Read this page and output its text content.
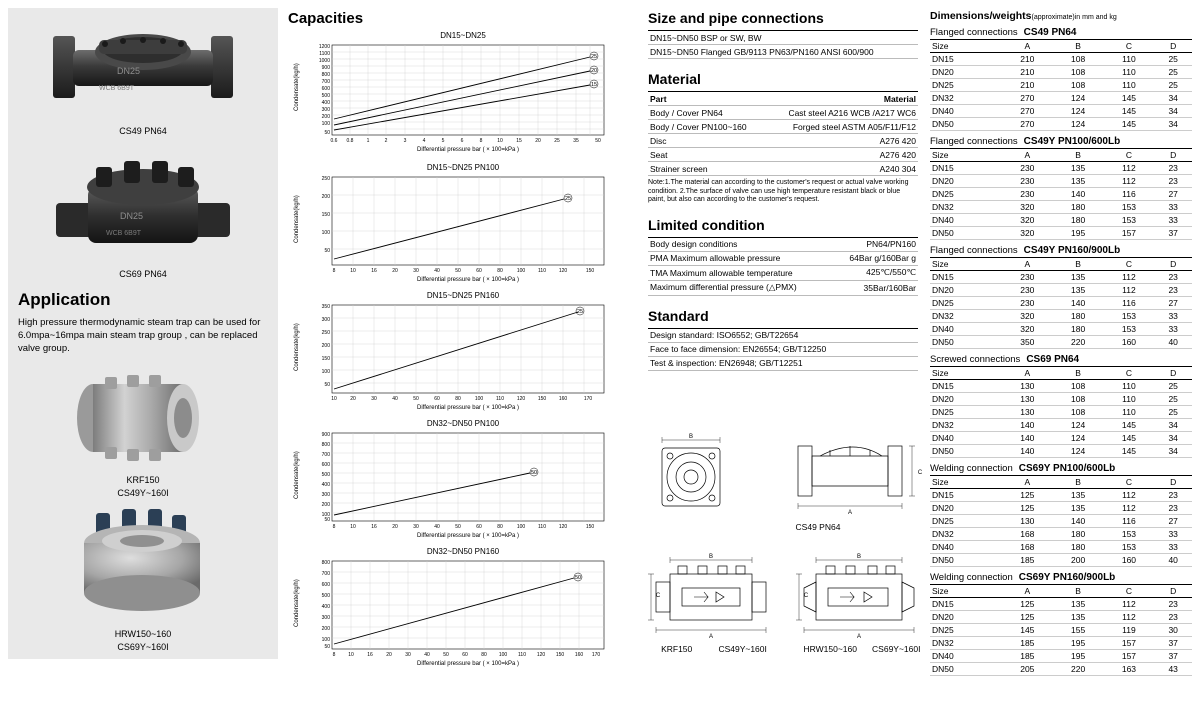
DN25
WCB 6B9T
CS49 PN64
DN25
WCB 6B9T
CS69 PN64
Application
High pressure thermodynamic steam trap can be used for 6.0mpa~16mpa main steam trap group , can be replaced valve group.
KRF150
CS49Y~160I
HRW150~160
CS69Y~160I
Capacities
DN15~DN25
1200
1100
1000
900
800
700
600
500
400
300
200
100
50
0.6 0.8	1	2	3	4	5	6	8	10	15	20	25	35	50
25
20
15
Condensate(kg/h)
Differential pressure bar ( × 100=kPa )
DN15~DN25 PN100
25
250
200
150
100
50
8	10	16	20	30	40	50	60	80	100	110	120	150
Condensate(kg/h)
Differential pressure bar ( × 100=kPa )
DN15~DN25 PN160
25
350
300
250
200
150
100
50
10	20	30	40	50	60	80	100	110	120	150	160	170
Condensate(kg/h)
Differential pressure bar ( × 100=kPa )
DN32~DN50 PN100
50
900
800
700
600
500
400
300
200
100
50
8	10	16	20	30	40	50	60	80	100	110	120	150
Condensate(kg/h)
Differential pressure bar ( × 100=kPa )
DN32~DN50 PN160
50
800
700
600
500
400
300
200
100
50
8	10	16	20	30	40	50	60	80 100 110 120 150 160 170
Condensate(kg/h)
Differential pressure bar ( × 100=kPa )
Size and pipe connections
DN15~DN50 BSP or SW, BW
DN15~DN50 Flanged GB/9113 PN63/PN160 ANSI 600/900
Material
Part	Material
Body / Cover PN64	Cast steel A216 WCB /A217 WC6
Body / Cover PN100~160	Forged steel ASTM A05/F11/F12
Disc	A276 420
Seat	A276 420
Strainer screen	A240 304
Note:1.The material can according to the customer's request or actual valve working condition. 2.The surface of valve can use high temperature resistant black or blue paint, but also can according to the customer's request.
Limited condition
Body design conditions	PN64/PN160
PMA Maximum allowable pressure	64Bar g/160Bar g
TMA Maximum allowable temperature	425℃/550℃
Maximum differential pressure (△PMX)	35Bar/160Bar
Standard
Design standard: ISO6552; GB/T22654
Face to face dimension: EN26554; GB/T12250
Test & inspection: EN26948; GB/T12251
B
A
C
CS49 PN64
B
A
C
B
A
C
KRF150	CS49Y~160I	HRW150~160 CS69Y~160I
Dimensions/weights(approximate)in mm and kg
Flanged connections CS49 PN64
Size	A	B	C	D
DN15	210	108	110	25
DN20	210	108	110	25
DN25	210	108	110	25
DN32	270	124	145	34
DN40	270	124	145	34
DN50	270	124	145	34
Flanged connections CS49Y PN100/600Lb
Size	A	B	C	D
DN15	230	135	112	23
DN20	230	135	112	23
DN25	230	140	116	27
DN32	320	180	153	33
DN40	320	180	153	33
DN50	320	195	157	37
Flanged connections CS49Y PN160/900Lb
Size	A	B	C	D
DN15	230	135	112	23
DN20	230	135	112	23
DN25	230	140	116	27
DN32	320	180	153	33
DN40	320	180	153	33
DN50	350	220	160	40
Screwed connections CS69 PN64
Size	A	B	C	D
DN15	130	108	110	25
DN20	130	108	110	25
DN25	130	108	110	25
DN32	140	124	145	34
DN40	140	124	145	34
DN50	140	124	145	34
Welding connection CS69Y PN100/600Lb
Size	A	B	C	D
DN15	125	135	112	23
DN20	125	135	112	23
DN25	130	140	116	27
DN32	168	180	153	33
DN40	168	180	153	33
DN50	185	200	160	40
Welding connection CS69Y PN160/900Lb
Size	A	B	C	D
DN15	125	135	112	23
DN20	125	135	112	23
DN25	145	155	119	30
DN32	185	195	157	37
DN40	185	195	157	37
DN50	205	220	163	43
